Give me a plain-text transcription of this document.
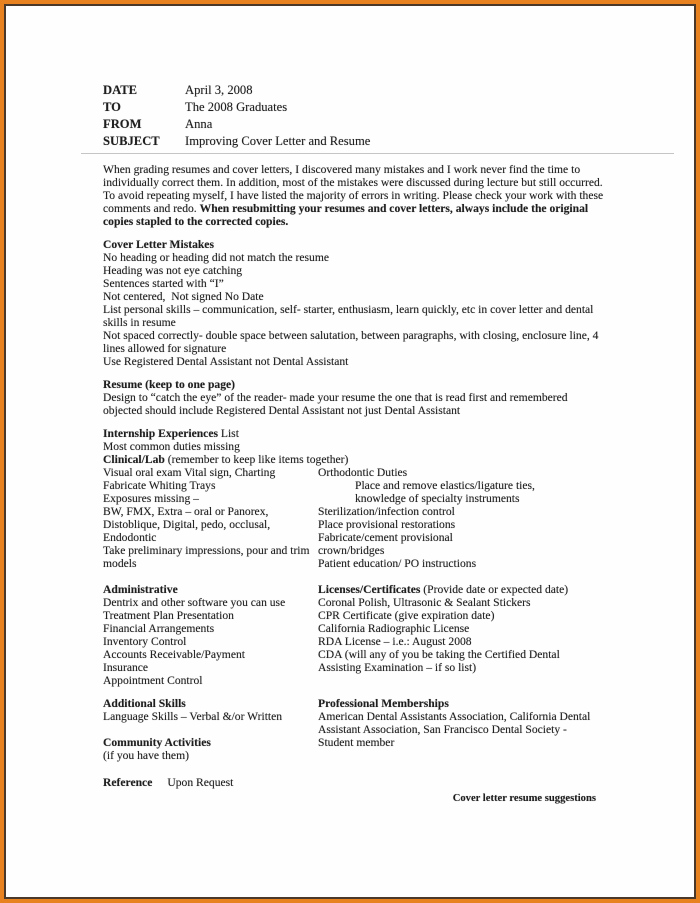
DATE	April 3, 2008
TO	The 2008 Graduates
FROM	Anna
SUBJECT	Improving Cover Letter and Resume
When grading resumes and cover letters, I discovered many mistakes and I work never find the time to individually correct them. In addition, most of the mistakes were discussed during lecture but still occurred. To avoid repeating myself, I have listed the majority of errors in writing. Please check your work with these comments and redo. When resubmitting your resumes and cover letters, always include the original copies stapled to the corrected copies.
Cover Letter Mistakes
No heading or heading did not match the resume
Heading was not eye catching
Sentences started with “I”
Not centered,  Not signed No Date
List personal skills – communication, self- starter, enthusiasm, learn quickly, etc in cover letter and dental skills in resume
Not spaced correctly- double space between salutation, between paragraphs, with closing, enclosure line, 4 lines allowed for signature
Use Registered Dental Assistant not Dental Assistant
Resume (keep to one page)
Design to “catch the eye” of the reader- made your resume the one that is read first and remembered objected should include Registered Dental Assistant not just Dental Assistant
Internship Experiences List
Most common duties missing
Clinical/Lab (remember to keep like items together)
Visual oral exam Vital sign, Charting
Fabricate Whiting Trays
Exposures missing –
BW, FMX, Extra – oral or Panorex,
Distoblique, Digital, pedo, occlusal,
Endodontic
Take preliminary impressions, pour and trim models
Orthodontic Duties
Place and remove elastics/ligature ties,
knowledge of specialty instruments
Sterilization/infection control
Place provisional restorations
Fabricate/cement provisional
crown/bridges
Patient education/ PO instructions
Administrative
Dentrix and other software you can use
Treatment Plan Presentation
Financial Arrangements
Inventory Control
Accounts Receivable/Payment
Insurance
Appointment Control
Licenses/Certificates (Provide date or expected date)
Coronal Polish, Ultrasonic & Sealant Stickers
CPR Certificate (give expiration date)
California Radiographic License
RDA License – i.e.: August 2008
CDA (will any of you be taking the Certified Dental
Assisting Examination – if so list)
Additional Skills
Language Skills – Verbal &/or Written
Community Activities
(if you have them)
Professional Memberships
American Dental Assistants Association, California Dental
Assistant Association, San Francisco Dental Society -
Student member
Reference Upon Request
Cover letter resume suggestions
